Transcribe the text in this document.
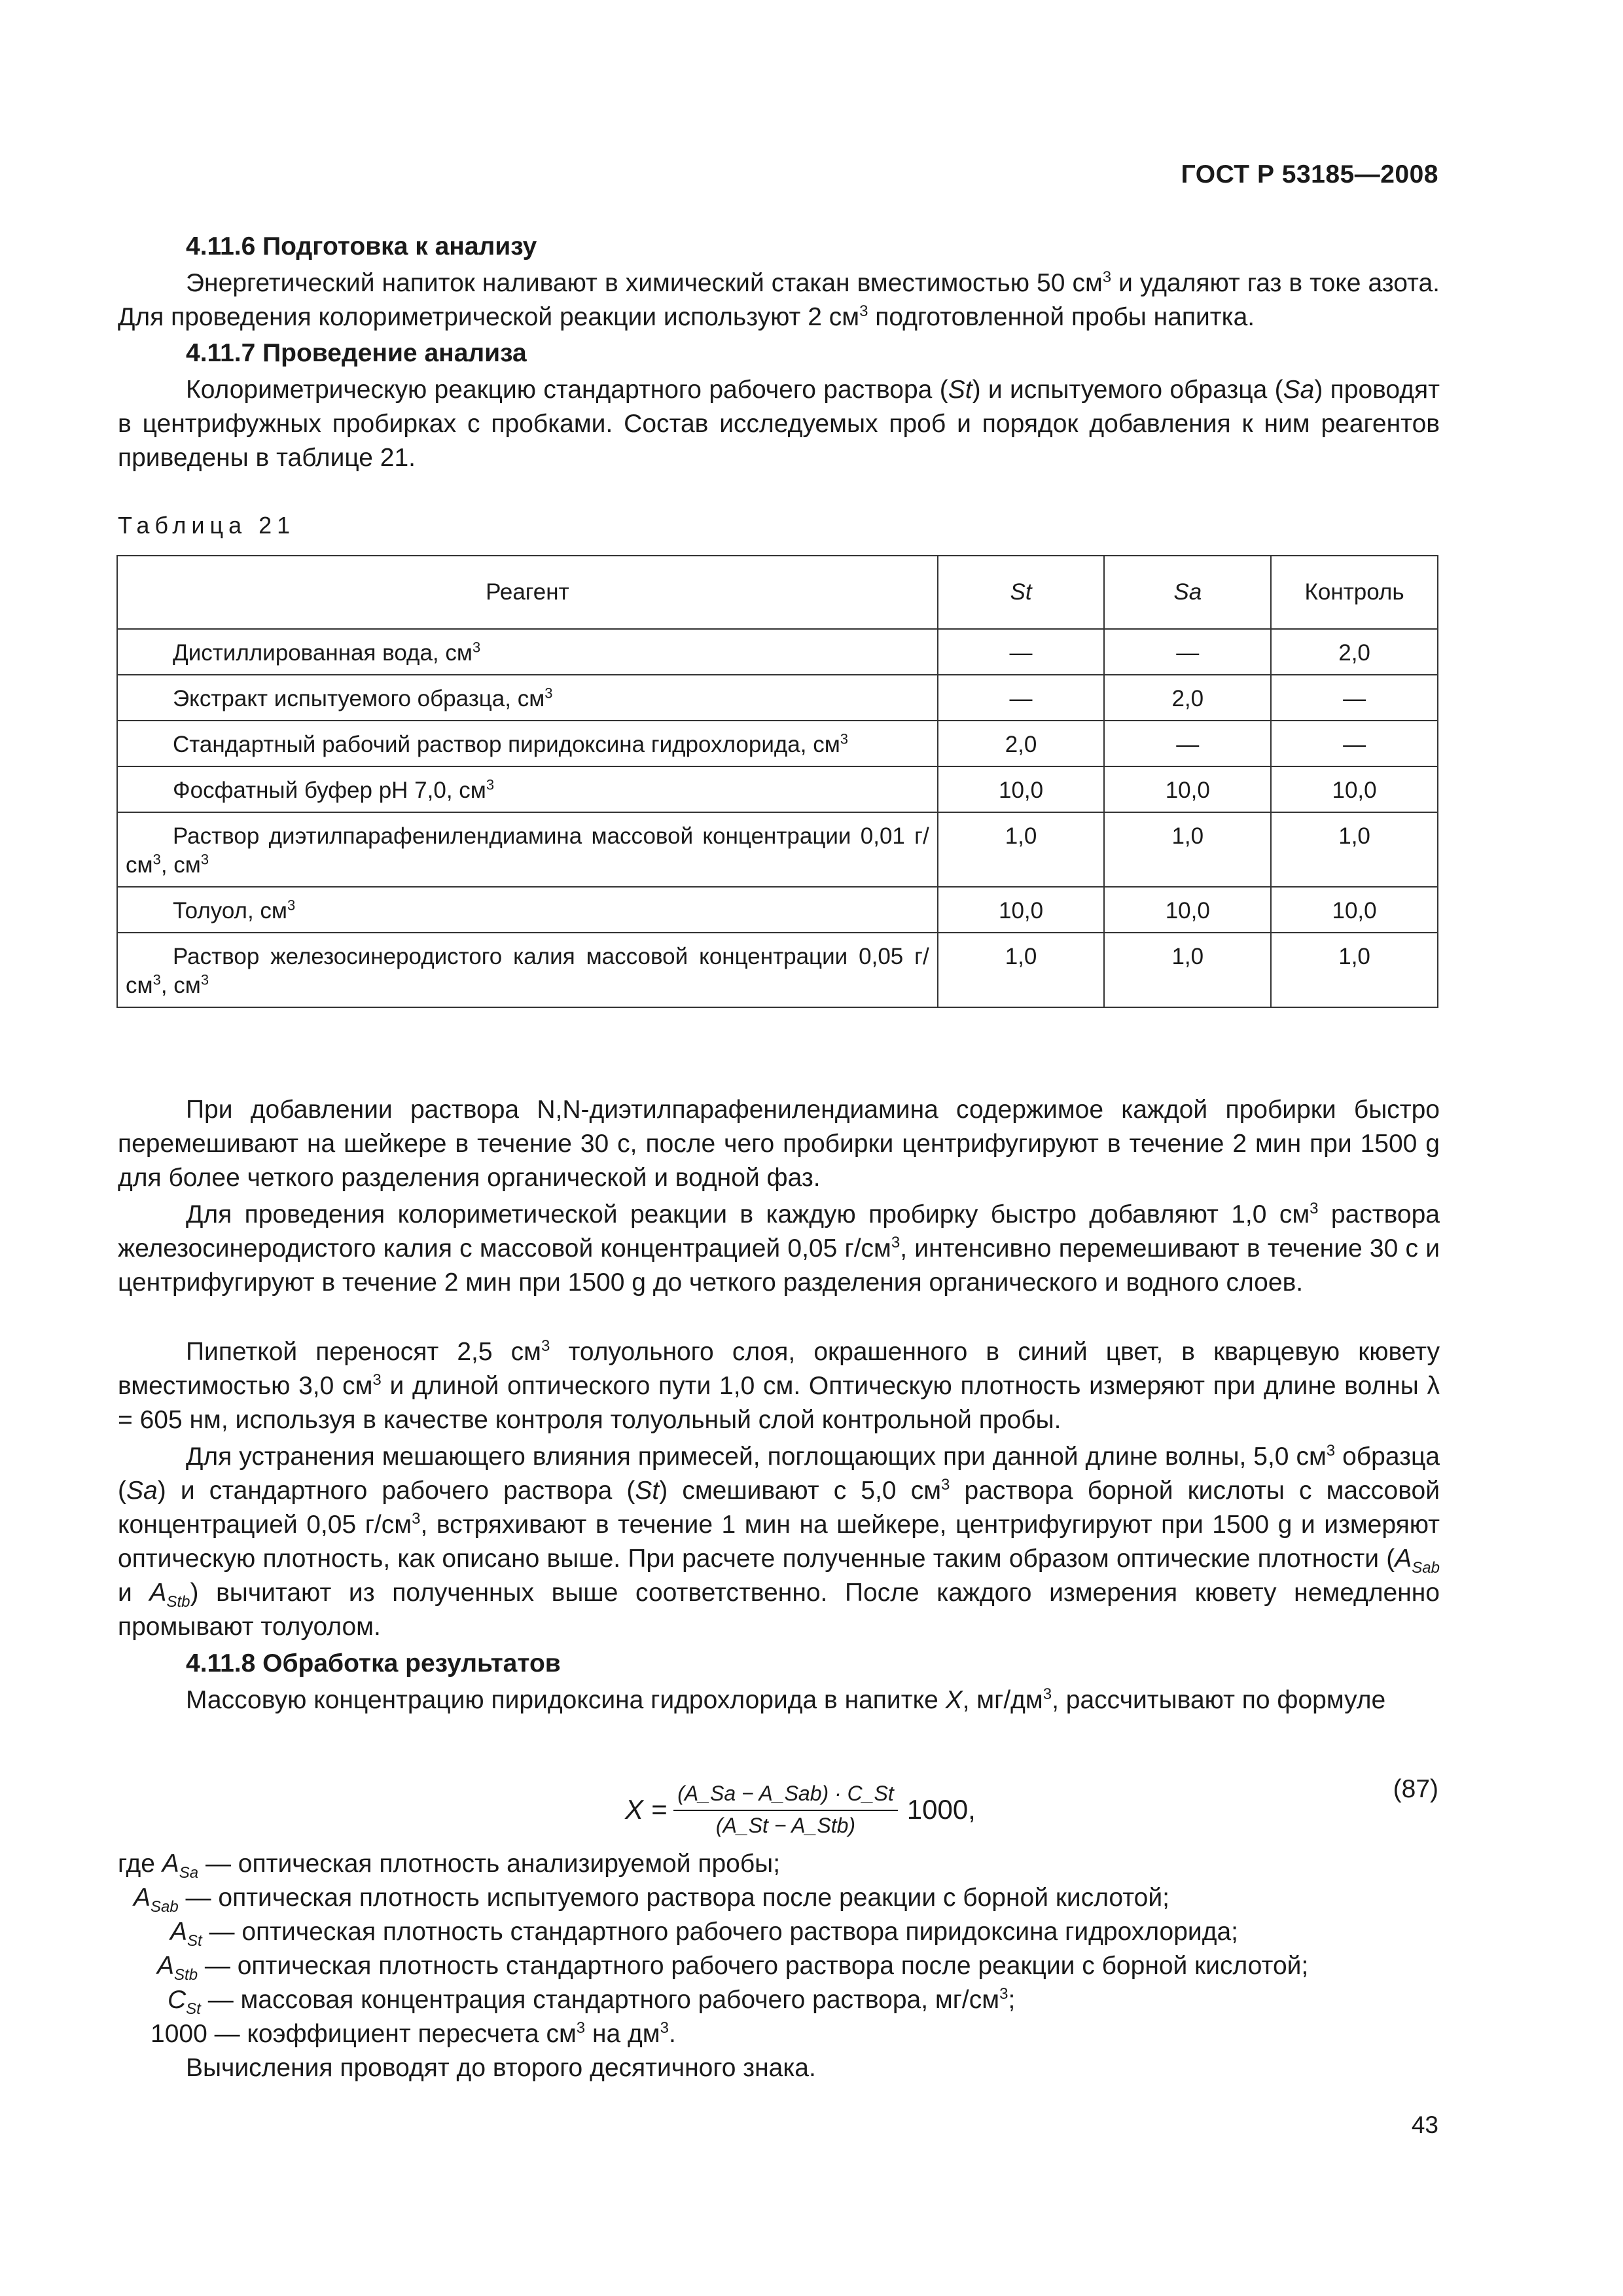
ГОСТ Р 53185—2008
4.11.6 Подготовка к анализу

Энергетический напиток наливают в химический стакан вместимостью 50 $см^3$ и удаляют газ в токе азота. Для проведения колориметрической реакции используют 2 $см^3$ подготовленной пробы напитка.

4.11.7 Проведение анализа

Колориметрическую реакцию стандартного рабочего раствора (St) и испытуемого образца (Sa) проводят в центрифужных пробирках с пробками. Состав исследуемых проб и порядок добавления к ним реагентов приведены в таблице 21.

Таблица 21
Реагент	St	Sa	Контроль
Дистиллированная вода, $см^3$	—	—	2,0
Экстракт испытуемого образца, $см^3$	—	2,0	—
Стандартный рабочий раствор пиридоксина гидрохлорида, $см^3$	2,0	—	—
Фосфатный буфер рН 7,0, $см^3$	10,0	10,0	10,0
Раствор диэтилпарафенилендиамина массовой концентрации 0,01 $г/см^3$, $см^3$	1,0	1,0	1,0
Толуол, $см^3$	10,0	10,0	10,0
Раствор железосинеродистого калия массовой концентрации 0,05 $г/см^3$, $см^3$	1,0	1,0	1,0

При добавлении раствора N,N-диэтилпарафенилендиамина содержимое каждой пробирки быстро перемешивают на шейкере в течение 30 с, после чего пробирки центрифугируют в течение 2 мин при 1500 g для более четкого разделения органической и водной фаз.

Для проведения колориметической реакции в каждую пробирку быстро добавляют 1,0 $см^3$ раствора железосинеродистого калия с массовой концентрацией 0,05 $г/см^3$, интенсивно перемешивают в течение 30 с и центрифугируют в течение 2 мин при 1500 g до четкого разделения органического и водного слоев.

Пипеткой переносят 2,5 $см^3$ толуольного слоя, окрашенного в синий цвет, в кварцевую кювету вместимостью 3,0 $см^3$ и длиной оптического пути 1,0 см. Оптическую плотность измеряют при длине волны λ = 605 нм, используя в качестве контроля толуольный слой контрольной пробы.

Для устранения мешающего влияния примесей, поглощающих при данной длине волны, 5,0 $см^3$ образца (Sa) и стандартного рабочего раствора (St) смешивают с 5,0 $см^3$ раствора борной кислоты с массовой концентрацией 0,05 $г/см^3$, встряхивают в течение 1 мин на шейкере, центрифугируют при 1500 g и измеряют оптическую плотность, как описано выше. При расчете полученные таким образом оптические плотности ($A_{Sab}$ и $A_{Stb}$) вычитают из полученных выше соответственно. После каждого измерения кювету немедленно промывают толуолом.

4.11.8 Обработка результатов

Массовую концентрацию пиридоксина гидрохлорида в напитке X, $мг/дм^3$, рассчитывают по формуле

$X = \frac{\text{(A\_Sa − A\_Sab) · C\_St}}{\text{(A\_St − A\_Stb)}} 1000$,
(87)
где $A_{Sa}$ — оптическая плотность анализируемой пробы;
$A_{Sab}$ — оптическая плотность испытуемого раствора после реакции с борной кислотой;
$A_{St}$ — оптическая плотность стандартного рабочего раствора пиридоксина гидрохлорида;
$A_{Stb}$ — оптическая плотность стандартного рабочего раствора после реакции с борной кислотой;
$C_{St}$ — массовая концентрация стандартного рабочего раствора, $мг/см^3$;
1000 — коэффициент пересчета $см^3$ на $дм^3$.
Вычисления проводят до второго десятичного знака.
43
